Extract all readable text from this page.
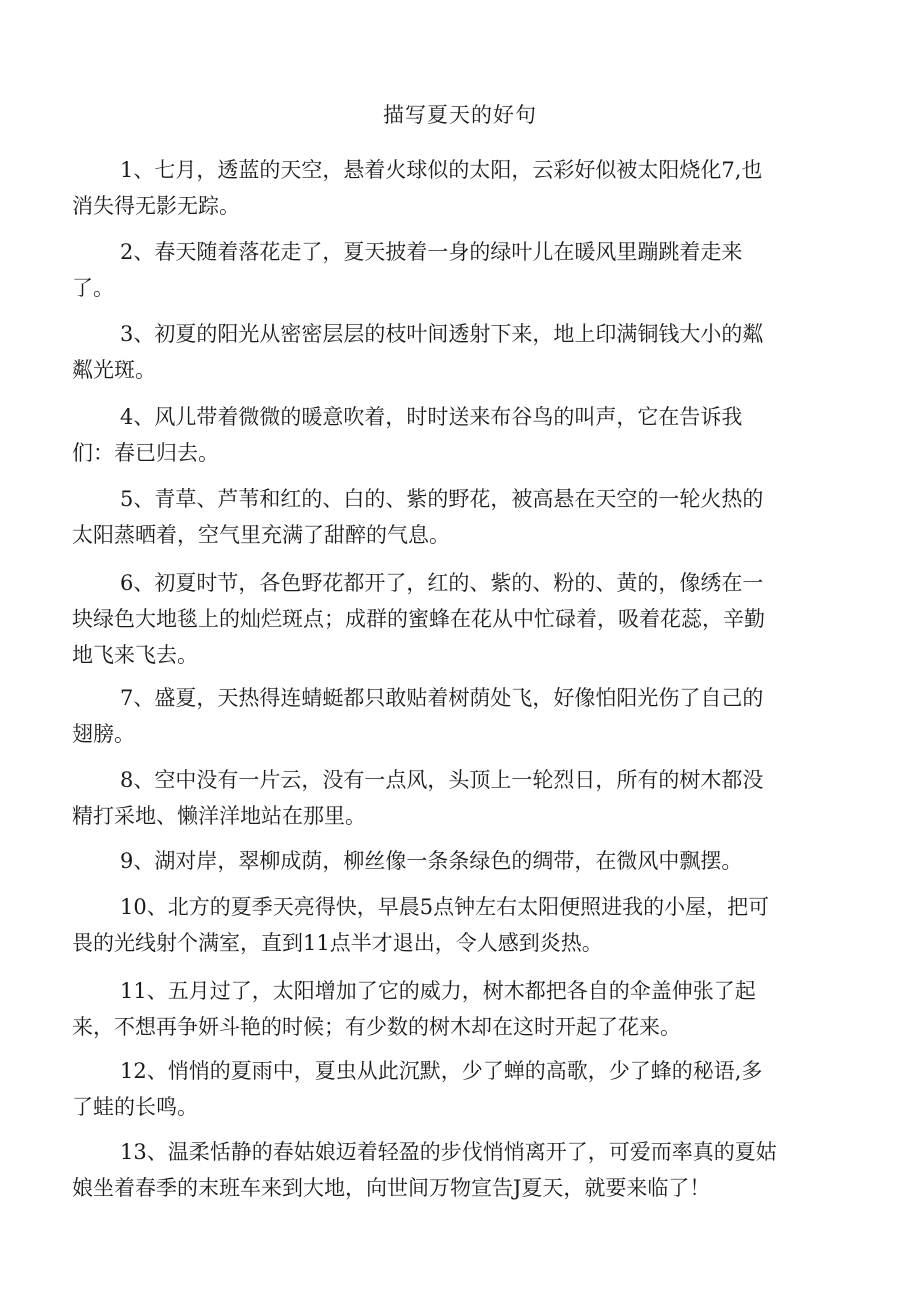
描写夏天的好句
1、七月，透蓝的天空，悬着火球似的太阳，云彩好似被太阳烧化7,也
消失得无影无踪。
2、春天随着落花走了，夏天披着一身的绿叶儿在暖风里蹦跳着走来
了。
3、初夏的阳光从密密层层的枝叶间透射下来，地上印满铜钱大小的粼
粼光斑。
4、风儿带着微微的暖意吹着，时时送来布谷鸟的叫声，它在告诉我
们：春已归去。
5、青草、芦苇和红的、白的、紫的野花，被高悬在天空的一轮火热的
太阳蒸晒着，空气里充满了甜醉的气息。
6、初夏时节，各色野花都开了，红的、紫的、粉的、黄的，像绣在一
块绿色大地毯上的灿烂斑点；成群的蜜蜂在花从中忙碌着，吸着花蕊，辛勤
地飞来飞去。
7、盛夏，天热得连蜻蜓都只敢贴着树荫处飞，好像怕阳光伤了自己的
翅膀。
8、空中没有一片云，没有一点风，头顶上一轮烈日，所有的树木都没
精打采地、懒洋洋地站在那里。
9、湖对岸，翠柳成荫，柳丝像一条条绿色的绸带，在微风中飘摆。
10、北方的夏季天亮得快，早晨5点钟左右太阳便照进我的小屋，把可
畏的光线射个满室，直到11点半才退出，令人感到炎热。
11、五月过了，太阳增加了它的威力，树木都把各自的伞盖伸张了起
来，不想再争妍斗艳的时候；有少数的树木却在这时开起了花来。
12、悄悄的夏雨中，夏虫从此沉默，少了蝉的高歌，少了蜂的秘语,多
了蛙的长鸣。
13、温柔恬静的春姑娘迈着轻盈的步伐悄悄离开了，可爱而率真的夏姑
娘坐着春季的末班车来到大地，向世间万物宣告J夏天，就要来临了！
